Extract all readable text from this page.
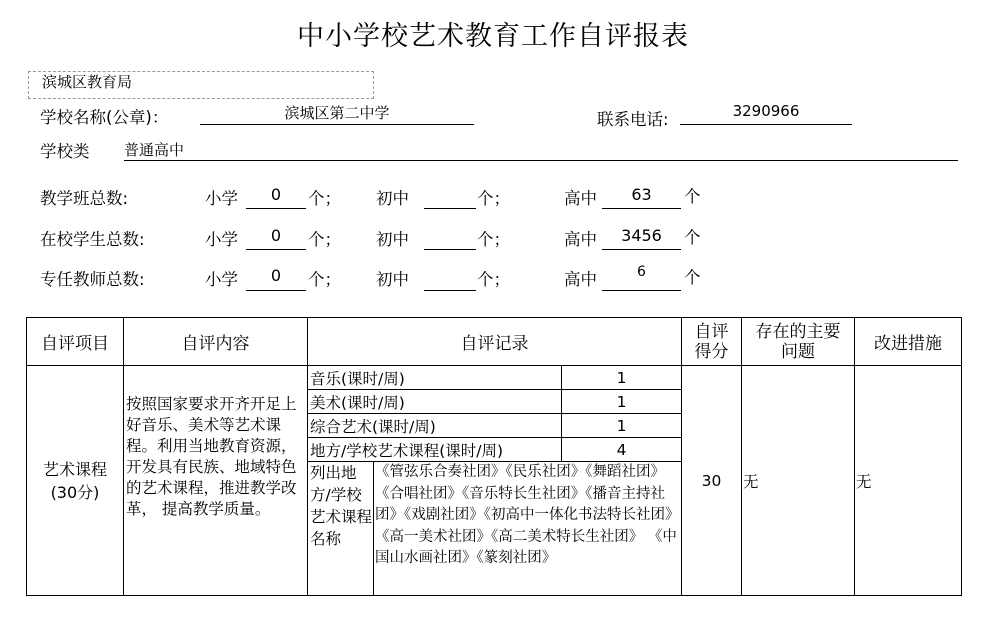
中小学校艺术教育工作自评报表
滨城区教育局
学校名称(公章)：	滨城区第二中学	联系电话:	3290966
学校类 普通高中
教学班总数:	小学	0	个； 初中	个；	高中	63	个
在校学生总数:	小学	0	个； 初中	个；	高中	3456	个
专任教师总数:	小学	0	个； 初中	个；	高中	6	个
自评项目	自评内容	自评记录			自评得分	存在的主要问题	改进措施
艺术课程
(30分)	按照国家要求开齐开足上好音乐、美术等艺术课程。利用当地教育资源，开发具有民族、地域特色的艺术课程，推进教学改革， 提高教学质量。	音乐(课时/周)		1	30	无	无
		美术(课时/周)		1			
		综合艺术(课时/周)		1			
		地方/学校艺术课程(课时/周)		4			
		列出地方/学校艺术课程名称	《管弦乐合奏社团》《民乐社团》《舞蹈社团》《合唱社团》《音乐特长生社团》《播音主持社团》《戏剧社团》《初高中一体化书法特长社团》《高一美术社团》《高二美术特长生社团》 《中国山水画社团》《篆刻社团》				
